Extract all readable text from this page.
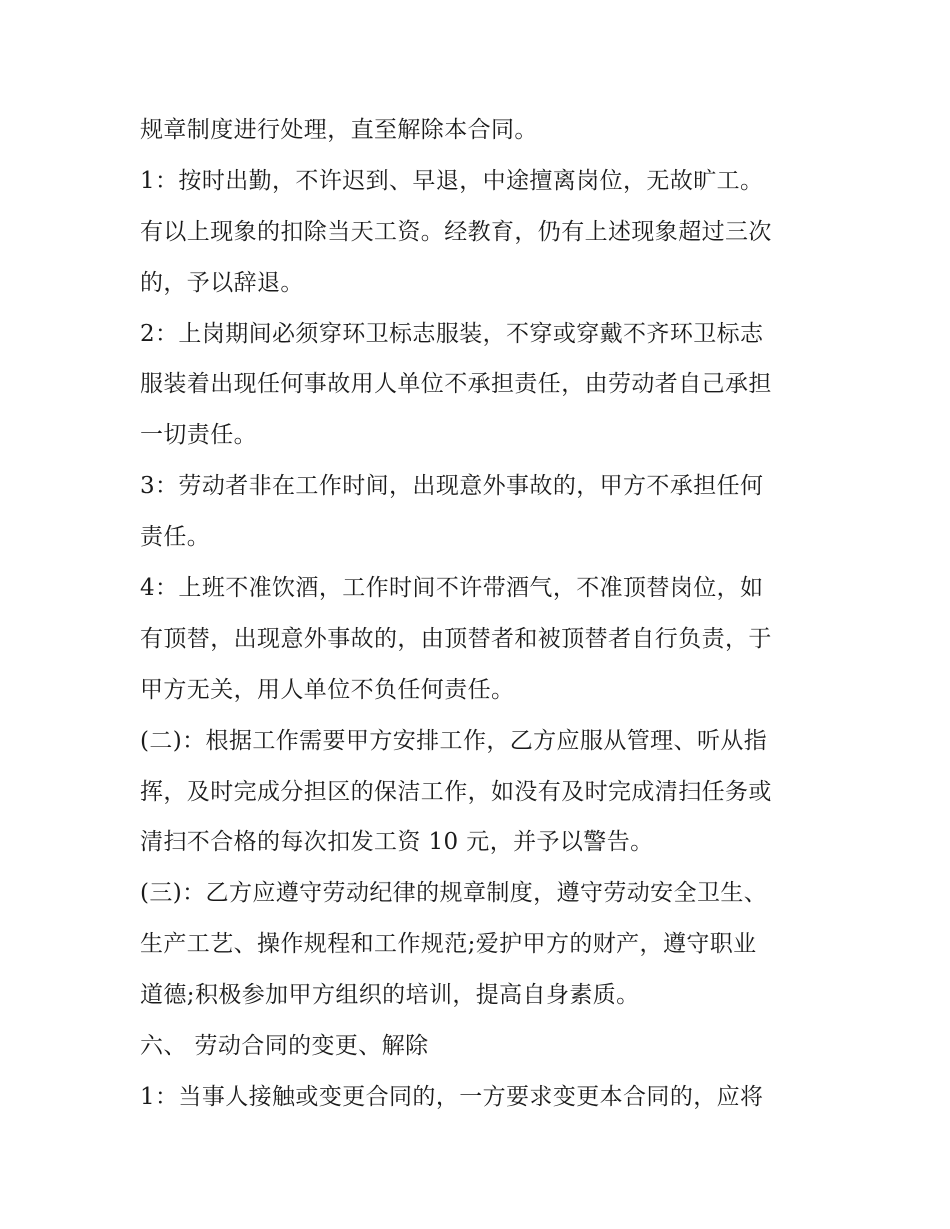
规章制度进行处理，直至解除本合同。
1：按时出勤，不许迟到、早退，中途擅离岗位，无故旷工。
有以上现象的扣除当天工资。经教育，仍有上述现象超过三次
的，予以辞退。
2：上岗期间必须穿环卫标志服装，不穿或穿戴不齐环卫标志
服装着出现任何事故用人单位不承担责任，由劳动者自己承担
一切责任。
3：劳动者非在工作时间，出现意外事故的，甲方不承担任何
责任。
4：上班不准饮酒，工作时间不许带酒气，不准顶替岗位，如
有顶替，出现意外事故的，由顶替者和被顶替者自行负责，于
甲方无关，用人单位不负任何责任。
(二)：根据工作需要甲方安排工作，乙方应服从管理、听从指
挥，及时完成分担区的保洁工作，如没有及时完成清扫任务或
清扫不合格的每次扣发工资 10 元，并予以警告。
(三)：乙方应遵守劳动纪律的规章制度，遵守劳动安全卫生、
生产工艺、操作规程和工作规范;爱护甲方的财产，遵守职业
道德;积极参加甲方组织的培训，提高自身素质。
六、 劳动合同的变更、解除
1：当事人接触或变更合同的，一方要求变更本合同的，应将
